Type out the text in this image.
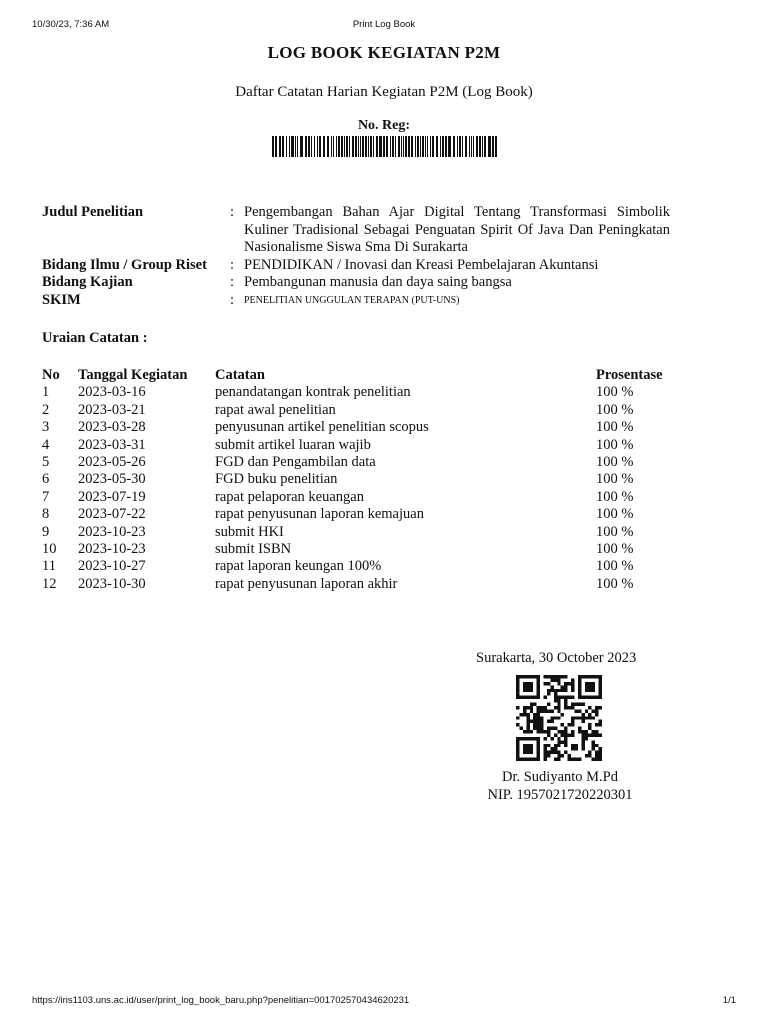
10/30/23, 7:36 AM	Print Log Book
https://iris1103.uns.ac.id/user/print_log_book_baru.php?penelitian=001702570434620231	1/1
LOG BOOK KEGIATAN P2M
Daftar Catatan Harian Kegiatan P2M (Log Book)
No. Reg:
Judul Penelitian	: Pengembangan Bahan Ajar Digital Tentang Transformasi Simbolik Kuliner Tradisional Sebagai Penguatan Spirit Of Java Dan Peningkatan Nasionalisme Siswa Sma Di Surakarta
Bidang Ilmu / Group Riset	: PENDIDIKAN / Inovasi dan Kreasi Pembelajaran Akuntansi
Bidang Kajian	: Pembangunan manusia dan daya saing bangsa
SKIM	: PENELITIAN UNGGULAN TERAPAN (PUT-UNS)
Uraian Catatan :
No	Tanggal Kegiatan	Catatan	Prosentase
1	2023-03-16	penandatangan kontrak penelitian	100 %
2	2023-03-21	rapat awal penelitian	100 %
3	2023-03-28	penyusunan artikel penelitian scopus	100 %
4	2023-03-31	submit artikel luaran wajib	100 %
5	2023-05-26	FGD dan Pengambilan data	100 %
6	2023-05-30	FGD buku penelitian	100 %
7	2023-07-19	rapat pelaporan keuangan	100 %
8	2023-07-22	rapat penyusunan laporan kemajuan	100 %
9	2023-10-23	submit HKI	100 %
10	2023-10-23	submit ISBN	100 %
11	2023-10-27	rapat laporan keungan 100%	100 %
12	2023-10-30	rapat penyusunan laporan akhir	100 %
Surakarta, 30 October 2023
Dr. Sudiyanto M.Pd
NIP. 1957021720220301
